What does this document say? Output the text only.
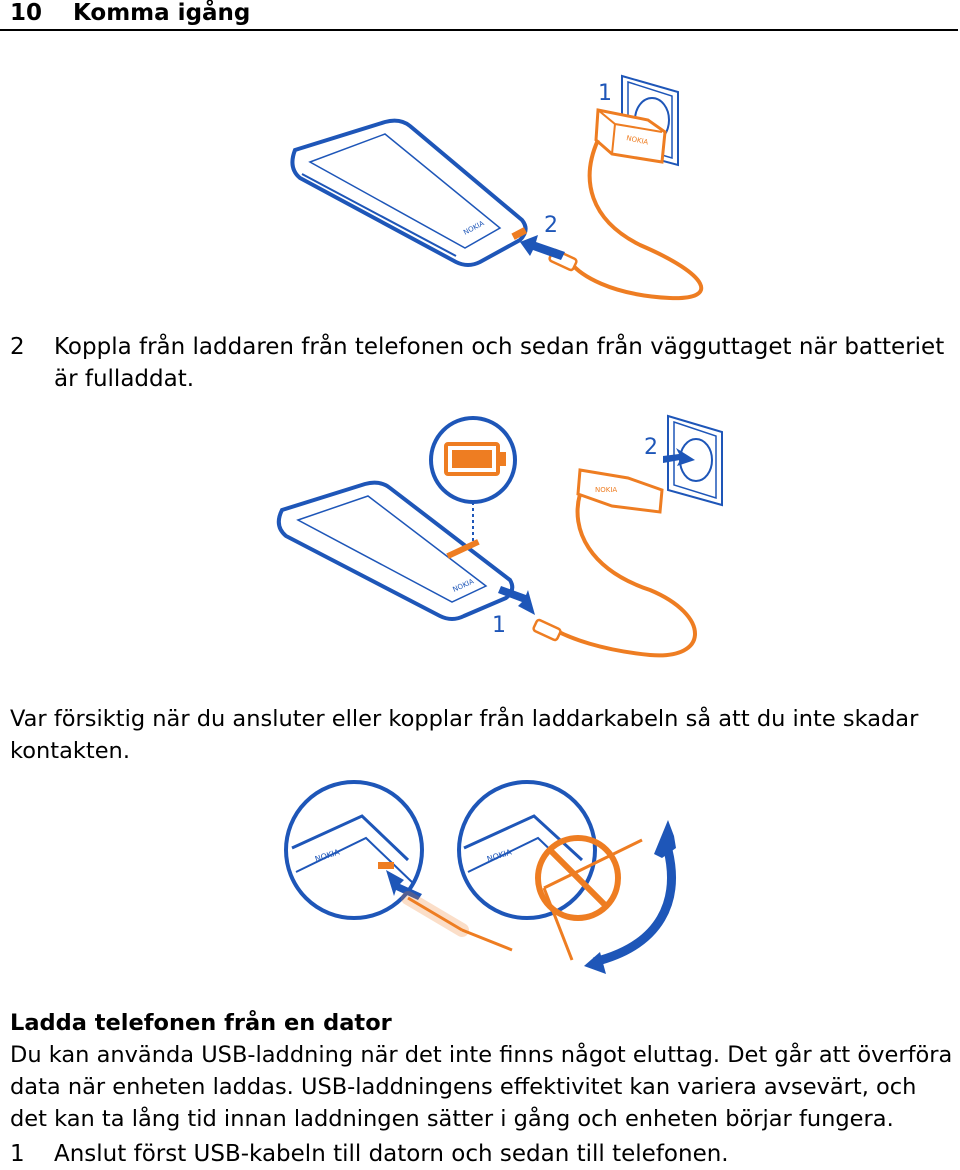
10 Komma igång
NOKIA
NOKIA
1
2
2 Koppla från laddaren från telefonen och sedan från vägguttaget när batteriet är fulladdat.
NOKIA
NOKIA
2
1
Var försiktig när du ansluter eller kopplar från laddarkabeln så att du inte skadar kontakten.
NOKIA	NOKIA
Ladda telefonen från en dator
Du kan använda USB-laddning när det inte finns något eluttag. Det går att överföra data när enheten laddas. USB-laddningens effektivitet kan variera avsevärt, och det kan ta lång tid innan laddningen sätter i gång och enheten börjar fungera.
1 Anslut först USB-kabeln till datorn och sedan till telefonen.
